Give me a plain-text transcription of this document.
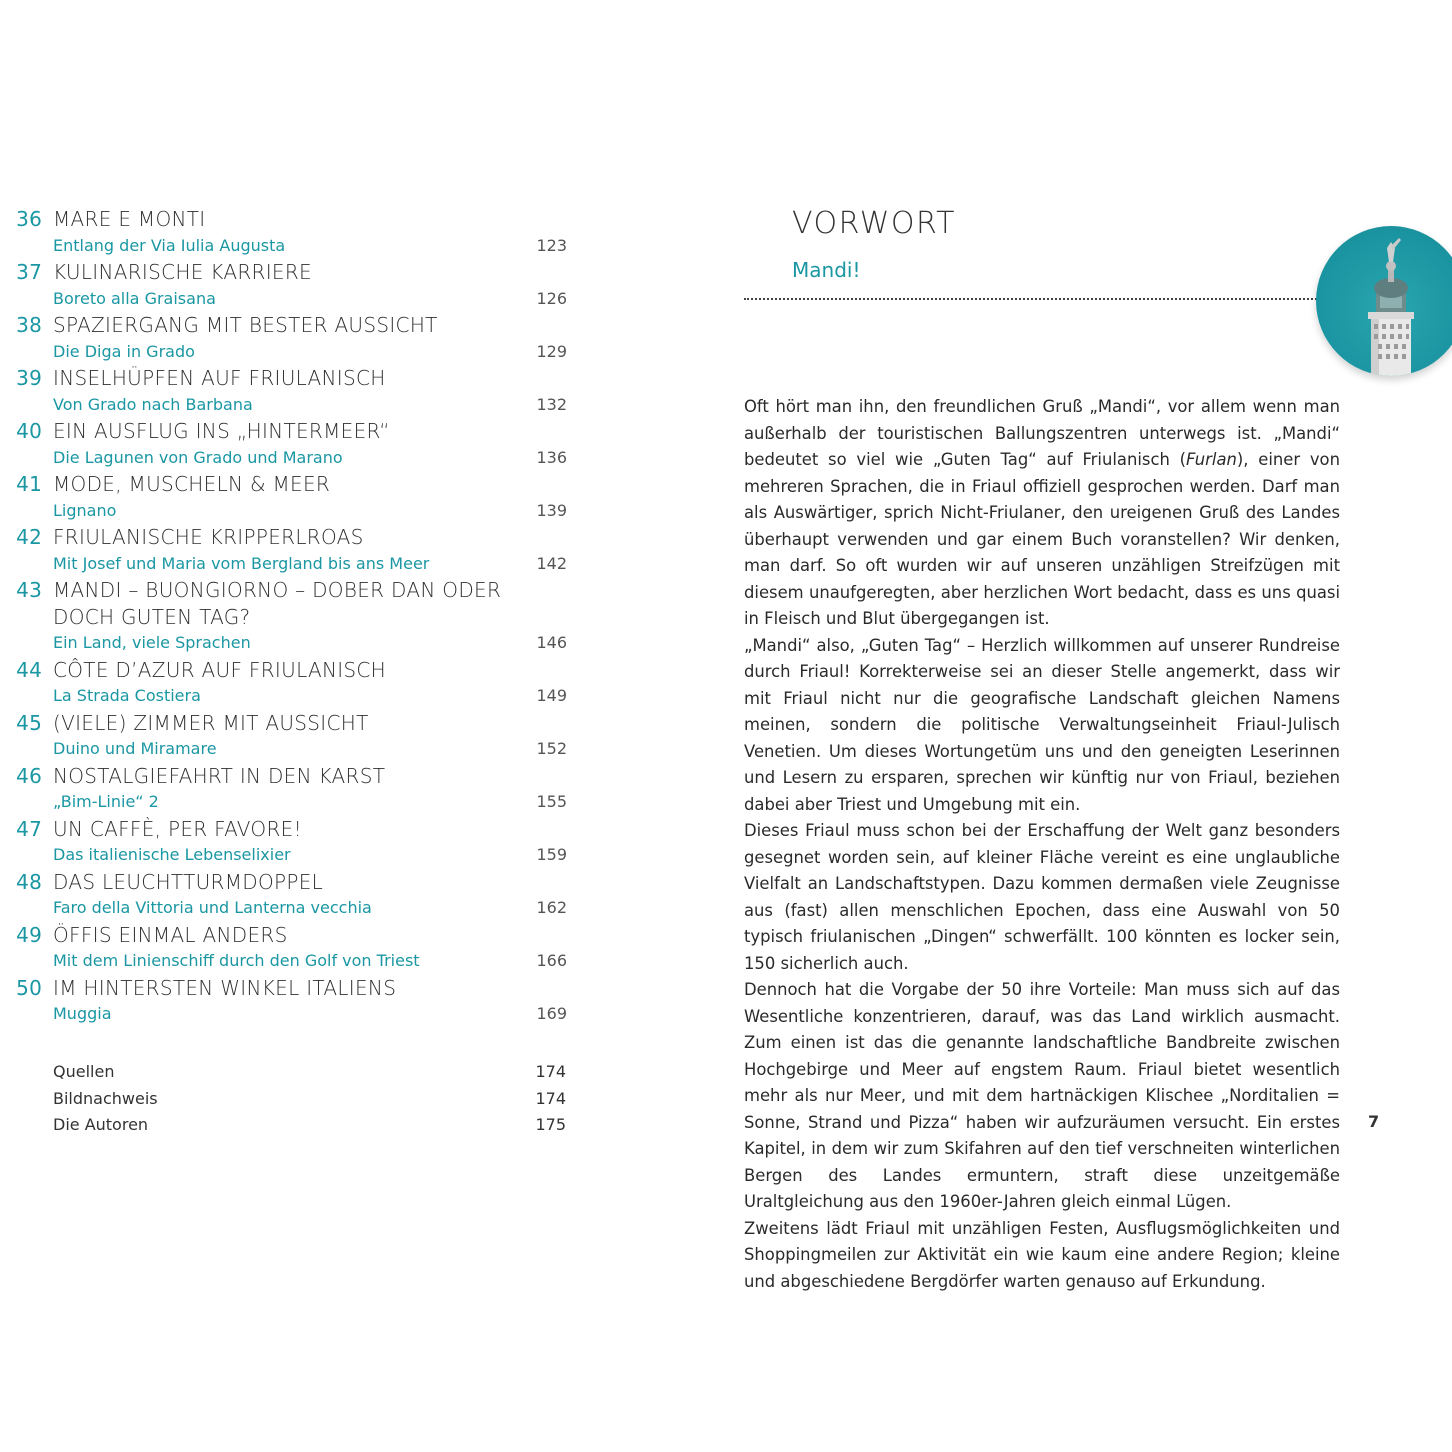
36 MARE E MONTI
Entlang der Via Iulia Augusta	123
37 KULINARISCHE KARRIERE
Boreto alla Graisana	126
38 SPAZIERGANG MIT BESTER AUSSICHT
Die Diga in Grado	129
39 INSELHÜPFEN AUF FRIULANISCH
Von Grado nach Barbana	132
40 EIN AUSFLUG INS „HINTERMEER“
Die Lagunen von Grado und Marano	136
41 MODE, MUSCHELN & MEER
Lignano	139
42 FRIULANISCHE KRIPPERLROAS
Mit Josef und Maria vom Bergland bis ans Meer	142
43 MANDI – BUONGIORNO – DOBER DAN ODER DOCH GUTEN TAG?
Ein Land, viele Sprachen	146
44 CÔTE D’AZUR AUF FRIULANISCH
La Strada Costiera	149
45 (VIELE) ZIMMER MIT AUSSICHT
Duino und Miramare	152
46 NOSTALGIEFAHRT IN DEN KARST
„Bim-Linie“ 2	155
47 UN CAFFÈ, PER FAVORE!
Das italienische Lebenselixier	159
48 DAS LEUCHTTURMDOPPEL
Faro della Vittoria und Lanterna vecchia	162
49 ÖFFIS EINMAL ANDERS
Mit dem Linienschiff durch den Golf von Triest	166
50 IM HINTERSTEN WINKEL ITALIENS
Muggia	169
Quellen	174
Bildnachweis	174
Die Autoren	175
VORWORT
Mandi!

Oft hört man ihn, den freundlichen Gruß „Mandi“, vor allem wenn man außerhalb der touristischen Ballungszentren unterwegs ist. „Mandi“ bedeutet so viel wie „Guten Tag“ auf Friulanisch (Furlan), einer von mehreren Sprachen, die in Friaul offiziell gesprochen werden. Darf man als Auswärtiger, sprich Nicht-Friulaner, den ureigenen Gruß des Landes überhaupt verwenden und gar einem Buch voranstellen? Wir denken, man darf. So oft wurden wir auf unseren unzähligen Streifzügen mit diesem unaufgeregten, aber herzlichen Wort bedacht, dass es uns quasi in Fleisch und Blut übergegangen ist.

„Mandi“ also, „Guten Tag“ – Herzlich willkommen auf unserer Rundreise durch Friaul! Korrekterweise sei an dieser Stelle angemerkt, dass wir mit Friaul nicht nur die geografische Landschaft gleichen Namens meinen, sondern die politische Verwaltungseinheit Friaul-Julisch Venetien. Um dieses Wortungetüm uns und den geneigten Leserinnen und Lesern zu ersparen, sprechen wir künftig nur von Friaul, beziehen dabei aber Triest und Umgebung mit ein.

Dieses Friaul muss schon bei der Erschaffung der Welt ganz besonders gesegnet worden sein, auf kleiner Fläche vereint es eine unglaubliche Vielfalt an Landschaftstypen. Dazu kommen dermaßen viele Zeugnisse aus (fast) allen menschlichen Epochen, dass eine Auswahl von 50 typisch friulanischen „Dingen“ schwerfällt. 100 könnten es locker sein, 150 sicherlich auch.

Dennoch hat die Vorgabe der 50 ihre Vorteile: Man muss sich auf das Wesentliche konzentrieren, darauf, was das Land wirklich ausmacht. Zum einen ist das die genannte landschaftliche Bandbreite zwischen Hochgebirge und Meer auf engstem Raum. Friaul bietet wesentlich mehr als nur Meer, und mit dem hartnäckigen Klischee „Norditalien = Sonne, Strand und Pizza“ haben wir aufzuräumen versucht. Ein erstes Kapitel, in dem wir zum Skifahren auf den tief verschneiten winterlichen Bergen des Landes ermuntern, straft diese unzeitgemäße Uraltgleichung aus den 1960er-Jahren gleich einmal Lügen.

Zweitens lädt Friaul mit unzähligen Festen, Ausflugsmöglichkeiten und Shoppingmeilen zur Aktivität ein wie kaum eine andere Region; kleine und abgeschiedene Bergdörfer warten genauso auf Erkundung.

7
